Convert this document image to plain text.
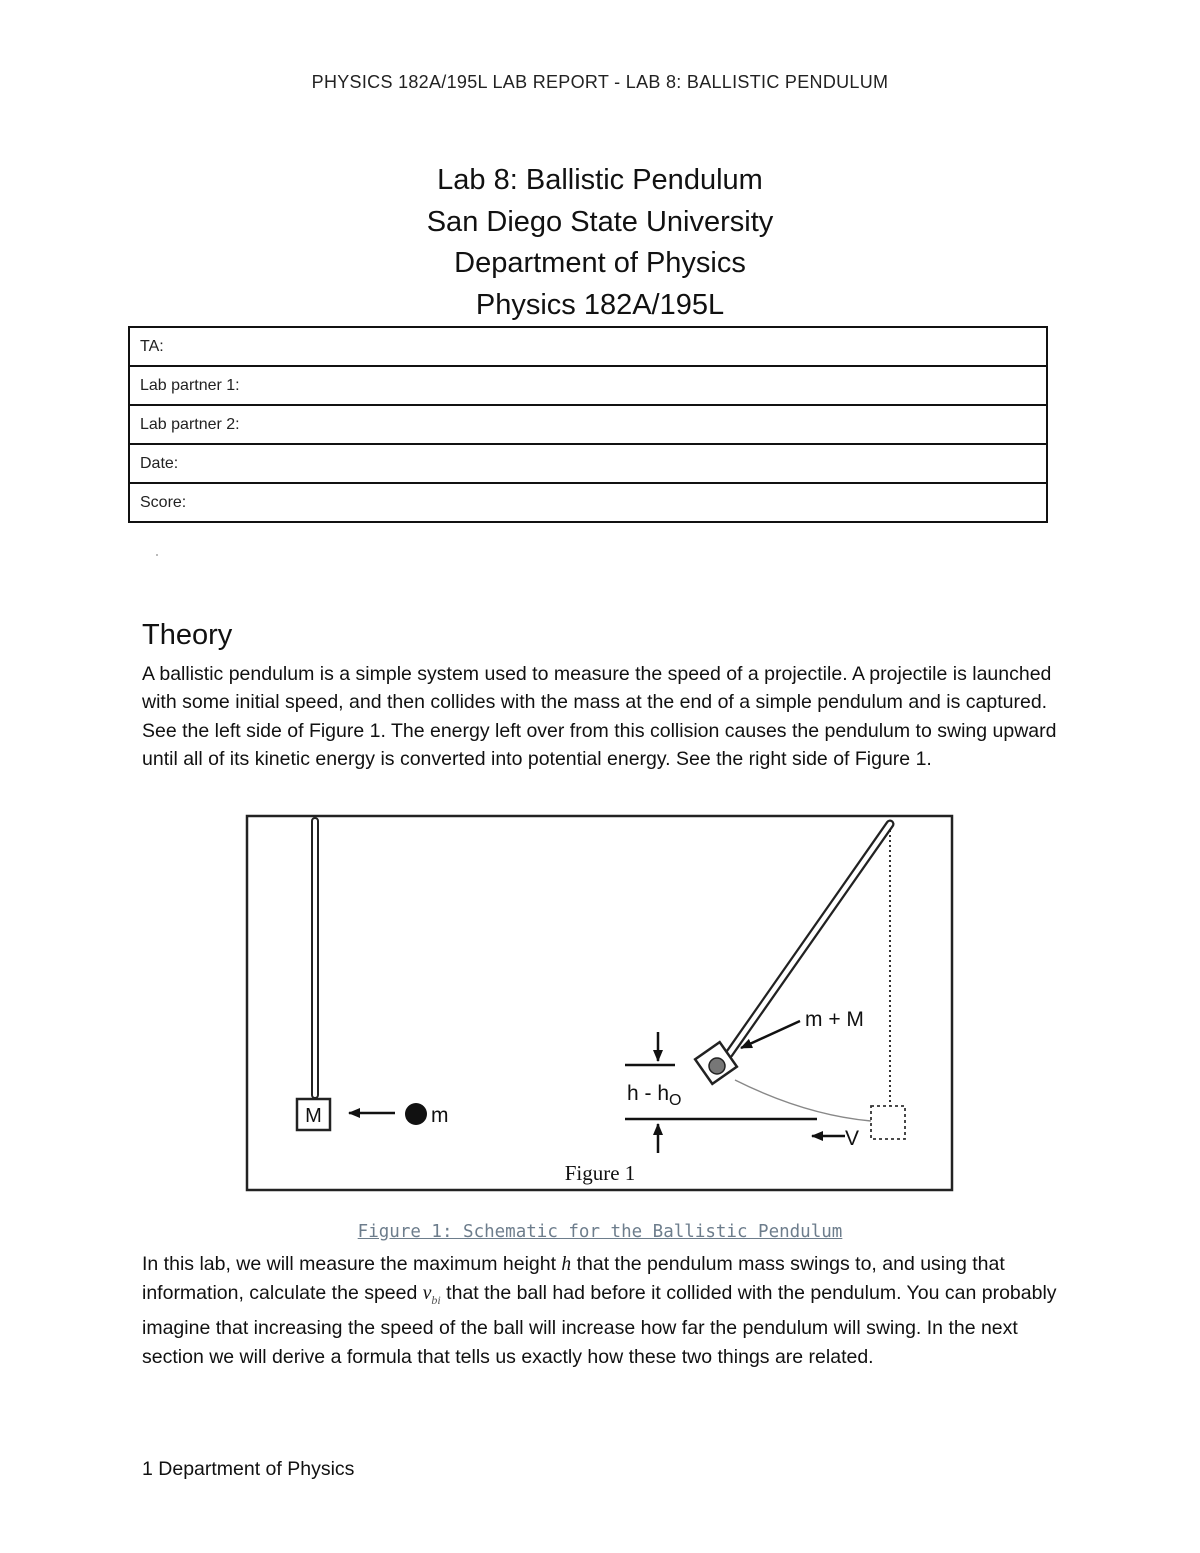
PHYSICS 182A/195L LAB REPORT - LAB 8: BALLISTIC PENDULUM
Lab 8: Ballistic Pendulum
San Diego State University
Department of Physics
Physics 182A/195L
TA:
Lab partner 1:
Lab partner 2:
Date:
Score:
Theory
A ballistic pendulum is a simple system used to measure the speed of a projectile. A projectile is launched with some initial speed, and then collides with the mass at the end of a simple pendulum and is captured. See the left side of Figure 1. The energy left over from this collision causes the pendulum to swing upward until all of its kinetic energy is converted into potential energy. See the right side of Figure 1.
M	m
m + M
h - $h_O$
V
Figure 1
Figure 1: Schematic for the Ballistic Pendulum
In this lab, we will measure the maximum height h that the pendulum mass swings to, and using that information, calculate the speed $v_{bi}$ that the ball had before it collided with the pendulum. You can probably imagine that increasing the speed of the ball will increase how far the pendulum will swing. In the next section we will derive a formula that tells us exactly how these two things are related.
1 Department of Physics
